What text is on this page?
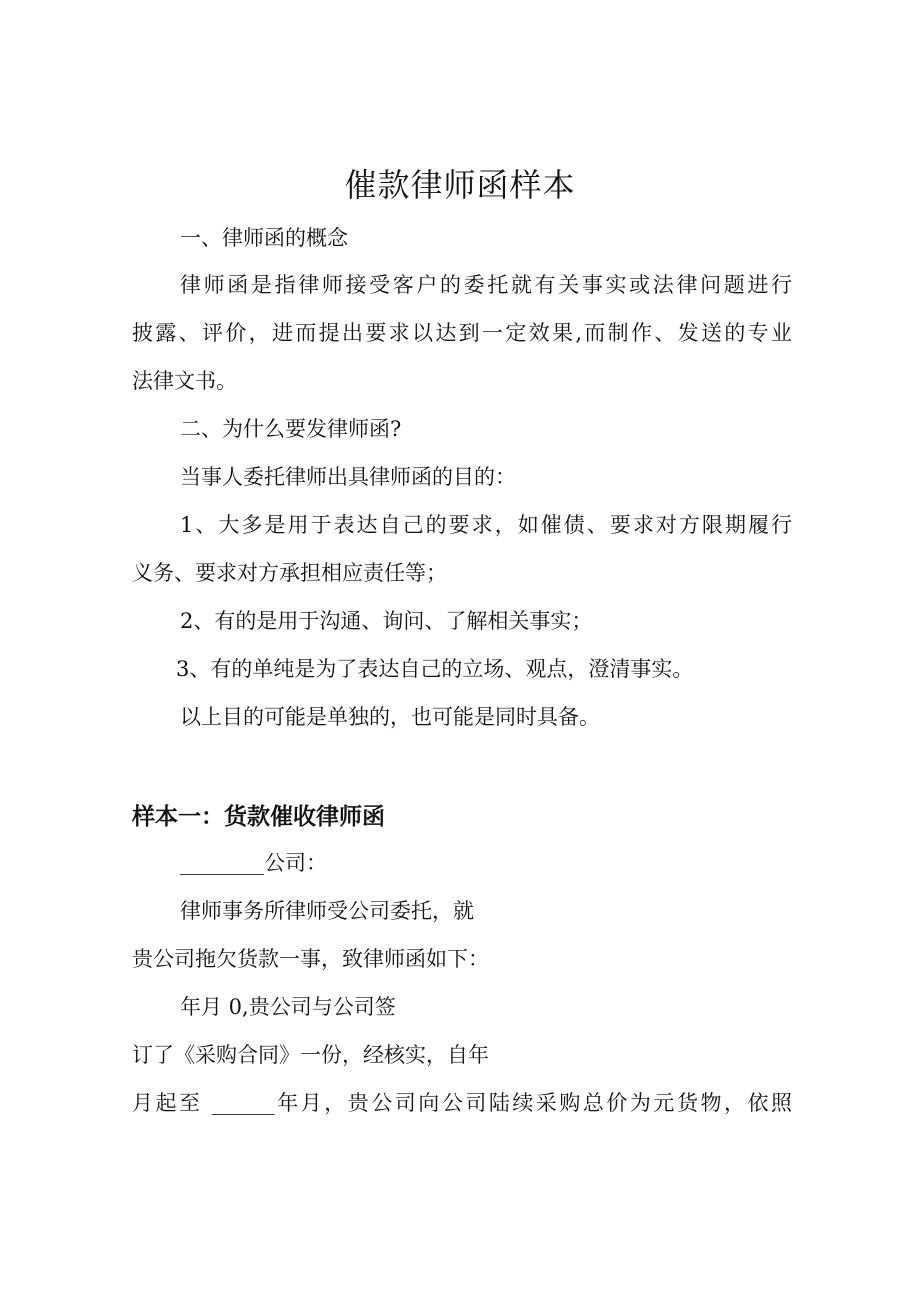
催款律师函样本

一、律师函的概念

律师函是指律师接受客户的委托就有关事实或法律问题进行

披露、评价，进而提出要求以达到一定效果,而制作、发送的专业

法律文书。

二、为什么要发律师函?

当事人委托律师出具律师函的目的：

1、大多是用于表达自己的要求，如催债、要求对方限期履行

义务、要求对方承担相应责任等；

2、有的是用于沟通、询问、了解相关事实；

3、有的单纯是为了表达自己的立场、观点，澄清事实。

以上目的可能是单独的，也可能是同时具备。

样本一：货款催收律师函

________公司：

律师事务所律师受公司委托，就

贵公司拖欠货款一事，致律师函如下：

年月 0,贵公司与公司签

订了《采购合同》一份，经核实，自年

月起至 ______年月，贵公司向公司陆续采购总价为元货物，依照
